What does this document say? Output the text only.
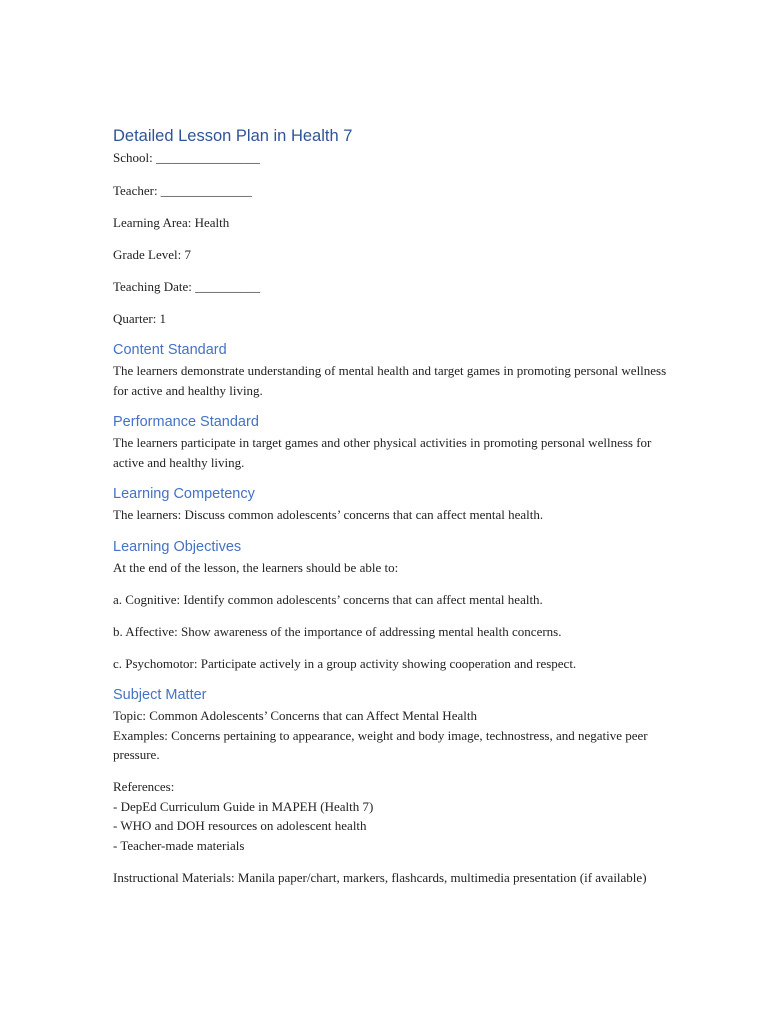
Detailed Lesson Plan in Health 7

School: ________________

Teacher: ______________

Learning Area: Health

Grade Level: 7

Teaching Date: __________

Quarter: 1

Content Standard

The learners demonstrate understanding of mental health and target games in promoting personal wellness for active and healthy living.

Performance Standard

The learners participate in target games and other physical activities in promoting personal wellness for active and healthy living.

Learning Competency

The learners: Discuss common adolescents’ concerns that can affect mental health.

Learning Objectives

At the end of the lesson, the learners should be able to:

a. Cognitive: Identify common adolescents’ concerns that can affect mental health.

b. Affective: Show awareness of the importance of addressing mental health concerns.

c. Psychomotor: Participate actively in a group activity showing cooperation and respect.

Subject Matter
Topic: Common Adolescents’ Concerns that can Affect Mental Health
Examples: Concerns pertaining to appearance, weight and body image, technostress, and negative peer pressure.
References:
- DepEd Curriculum Guide in MAPEH (Health 7)
- WHO and DOH resources on adolescent health
- Teacher-made materials

Instructional Materials: Manila paper/chart, markers, flashcards, multimedia presentation (if available)
